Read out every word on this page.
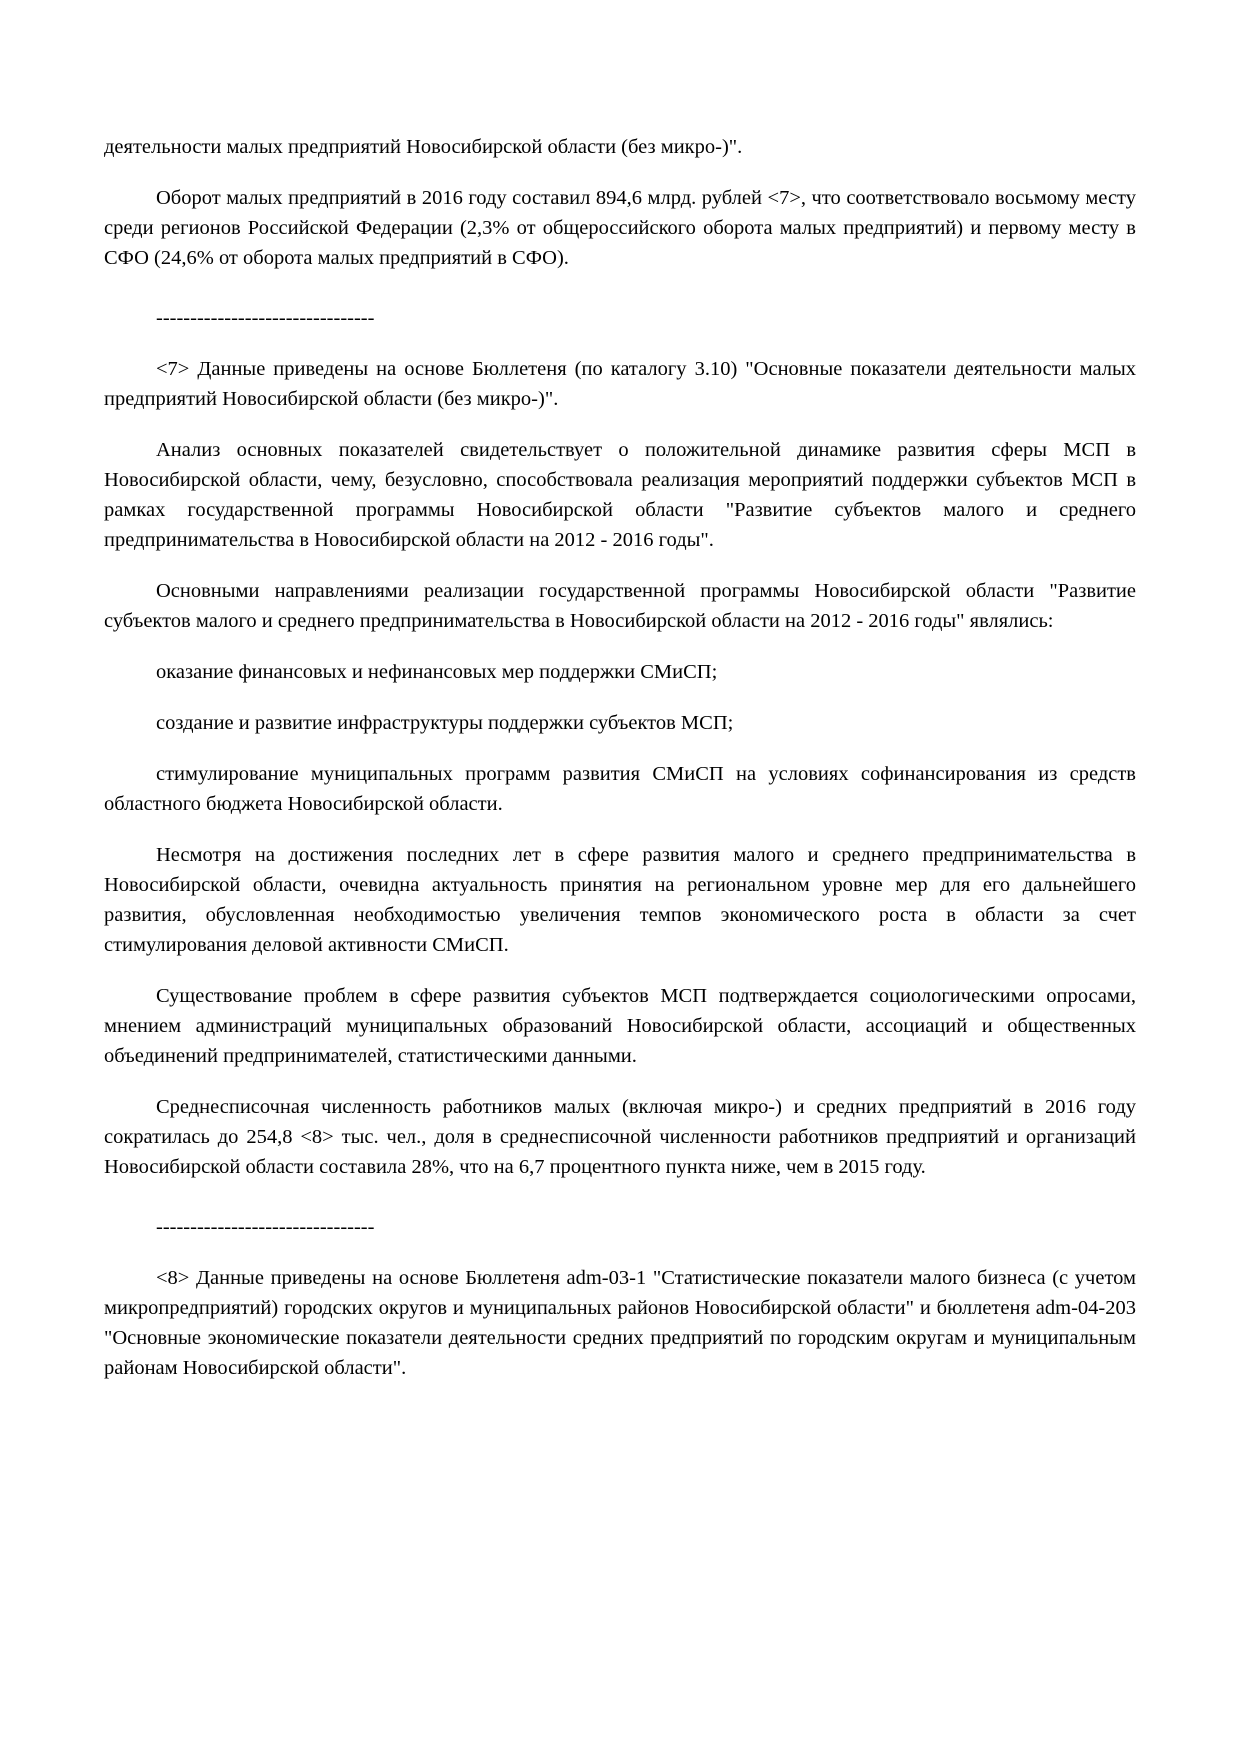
деятельности малых предприятий Новосибирской области (без микро-)".

Оборот малых предприятий в 2016 году составил 894,6 млрд. рублей <7>, что соответствовало восьмому месту среди регионов Российской Федерации (2,3% от общероссийского оборота малых предприятий) и первому месту в СФО (24,6% от оборота малых предприятий в СФО).

--------------------------------

<7> Данные приведены на основе Бюллетеня (по каталогу 3.10) "Основные показатели деятельности малых предприятий Новосибирской области (без микро-)".

Анализ основных показателей свидетельствует о положительной динамике развития сферы МСП в Новосибирской области, чему, безусловно, способствовала реализация мероприятий поддержки субъектов МСП в рамках государственной программы Новосибирской области "Развитие субъектов малого и среднего предпринимательства в Новосибирской области на 2012 - 2016 годы".

Основными направлениями реализации государственной программы Новосибирской области "Развитие субъектов малого и среднего предпринимательства в Новосибирской области на 2012 - 2016 годы" являлись:

оказание финансовых и нефинансовых мер поддержки СМиСП;

создание и развитие инфраструктуры поддержки субъектов МСП;

стимулирование муниципальных программ развития СМиСП на условиях софинансирования из средств областного бюджета Новосибирской области.

Несмотря на достижения последних лет в сфере развития малого и среднего предпринимательства в Новосибирской области, очевидна актуальность принятия на региональном уровне мер для его дальнейшего развития, обусловленная необходимостью увеличения темпов экономического роста в области за счет стимулирования деловой активности СМиСП.

Существование проблем в сфере развития субъектов МСП подтверждается социологическими опросами, мнением администраций муниципальных образований Новосибирской области, ассоциаций и общественных объединений предпринимателей, статистическими данными.

Среднесписочная численность работников малых (включая микро-) и средних предприятий в 2016 году сократилась до 254,8 <8> тыс. чел., доля в среднесписочной численности работников предприятий и организаций Новосибирской области составила 28%, что на 6,7 процентного пункта ниже, чем в 2015 году.

--------------------------------

<8> Данные приведены на основе Бюллетеня adm-03-1 "Статистические показатели малого бизнеса (с учетом микропредприятий) городских округов и муниципальных районов Новосибирской области" и бюллетеня adm-04-203 "Основные экономические показатели деятельности средних предприятий по городским округам и муниципальным районам Новосибирской области".
